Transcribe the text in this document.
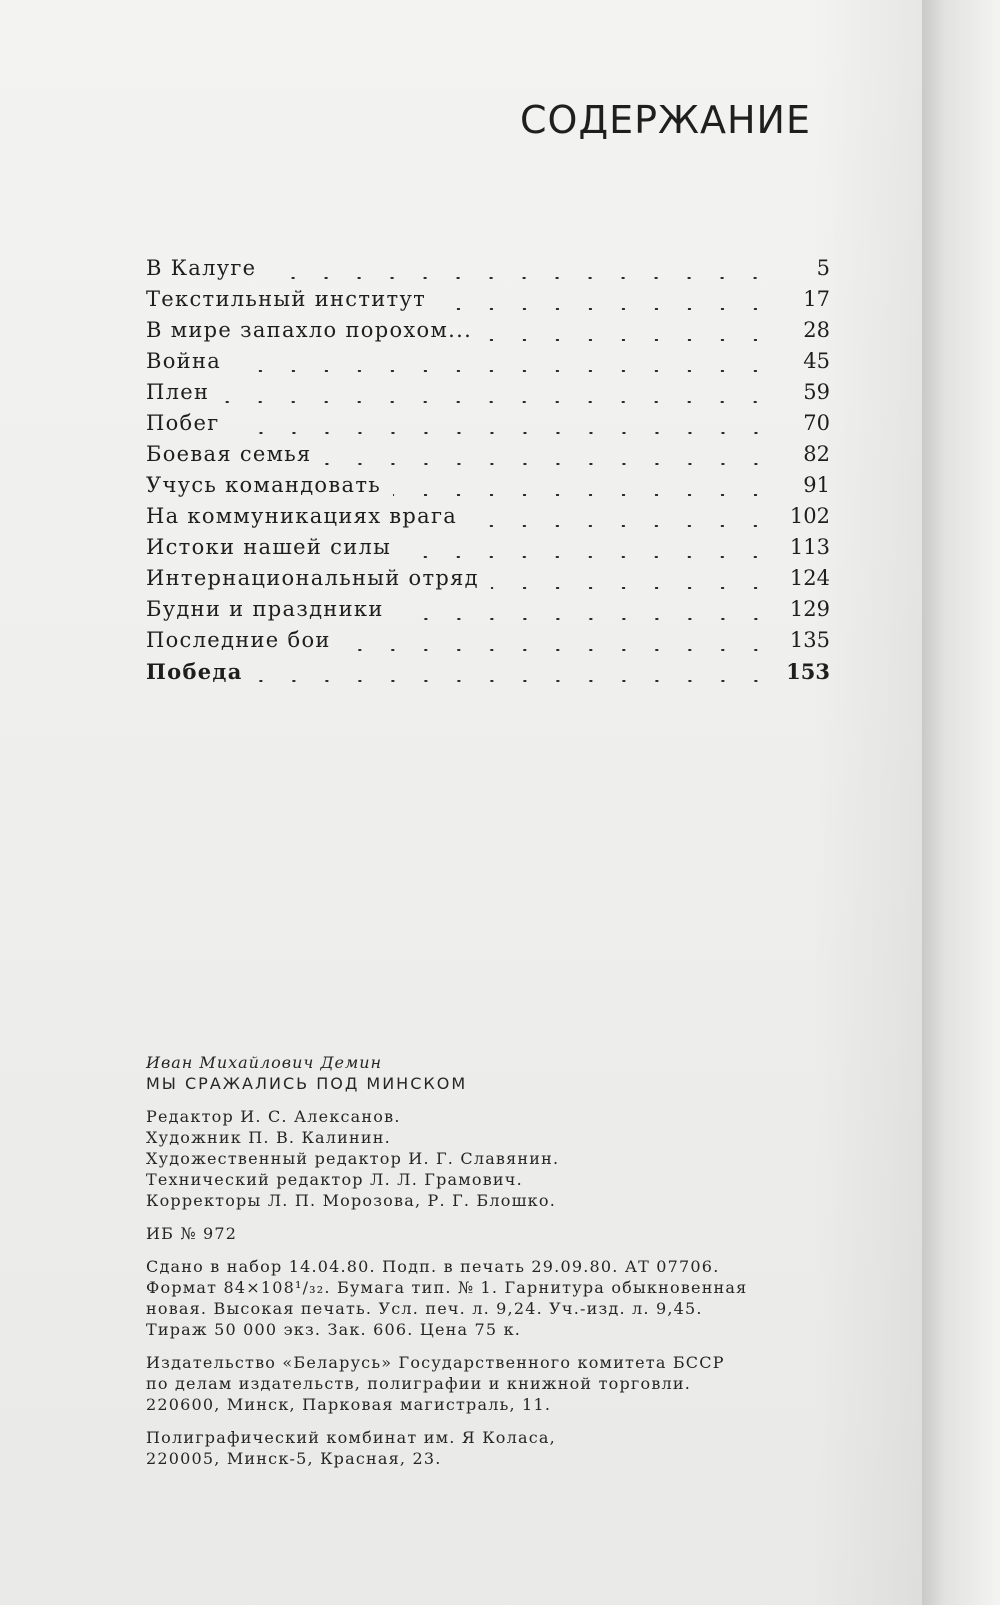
СОДЕРЖАНИЕ
В Калуге	5
Текстильный институт	17
В мире запахло порохом...	28
Война	45
Плен	59
Побег	70
Боевая семья	82
Учусь командовать	91
На коммуникациях врага	102
Истоки нашей силы	113
Интернациональный отряд	124
Будни и праздники	129
Последние бои	135
Победа	153
Иван Михайлович Демин
МЫ СРАЖАЛИСЬ ПОД МИНСКОМ
Редактор И. С. Алексанов.
Художник П. В. Калинин.
Художественный редактор И. Г. Славянин.
Технический редактор Л. Л. Грамович.
Корректоры Л. П. Морозова, Р. Г. Блошко.
ИБ № 972
Сдано в набор 14.04.80. Подп. в печать 29.09.80. АТ 07706.
Формат 84×108¹/₃₂. Бумага тип. № 1. Гарнитура обыкновенная
новая. Высокая печать. Усл. печ. л. 9,24. Уч.-изд. л. 9,45.
Тираж 50 000 экз. Зак. 606. Цена 75 к.
Издательство «Беларусь» Государственного комитета БССР
по делам издательств, полиграфии и книжной торговли.
220600, Минск, Парковая магистраль, 11.
Полиграфический комбинат им. Я Коласа,
220005, Минск-5, Красная, 23.
